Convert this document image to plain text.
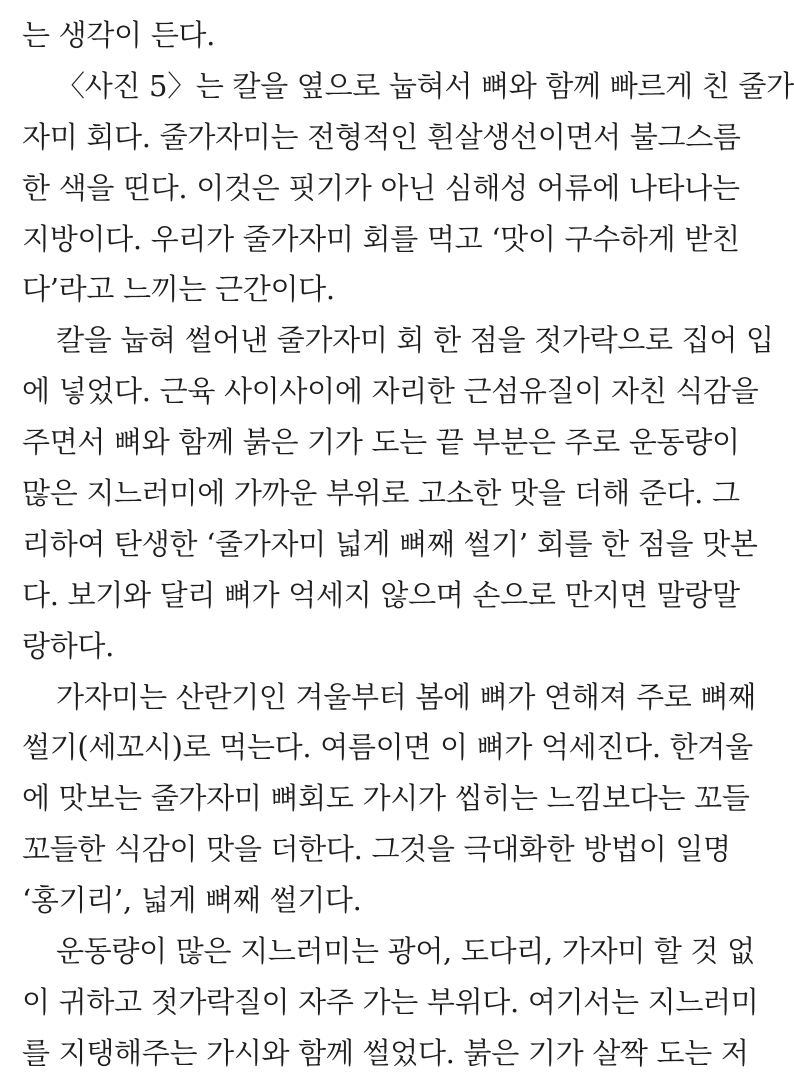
는 생각이 든다.
〈사진 5〉는 칼을 옆으로 눕혀서 뼈와 함께 빠르게 친 줄가
자미 회다. 줄가자미는 전형적인 흰살생선이면서 불그스름
한 색을 띤다. 이것은 핏기가 아닌 심해성 어류에 나타나는
지방이다. 우리가 줄가자미 회를 먹고 ‘맛이 구수하게 받친
다’라고 느끼는 근간이다.
칼을 눕혀 썰어낸 줄가자미 회 한 점을 젓가락으로 집어 입
에 넣었다. 근육 사이사이에 자리한 근섬유질이 자친 식감을
주면서 뼈와 함께 붉은 기가 도는 끝 부분은 주로 운동량이
많은 지느러미에 가까운 부위로 고소한 맛을 더해 준다. 그
리하여 탄생한 ‘줄가자미 넓게 뼈째 썰기’ 회를 한 점을 맛본
다. 보기와 달리 뼈가 억세지 않으며 손으로 만지면 말랑말
랑하다.
가자미는 산란기인 겨울부터 봄에 뼈가 연해져 주로 뼈째
썰기(세꼬시)로 먹는다. 여름이면 이 뼈가 억세진다. 한겨울
에 맛보는 줄가자미 뼈회도 가시가 씹히는 느낌보다는 꼬들
꼬들한 식감이 맛을 더한다. 그것을 극대화한 방법이 일명
‘홍기리’, 넓게 뼈째 썰기다.
운동량이 많은 지느러미는 광어, 도다리, 가자미 할 것 없
이 귀하고 젓가락질이 자주 가는 부위다. 여기서는 지느러미
를 지탱해주는 가시와 함께 썰었다. 붉은 기가 살짝 도는 저
